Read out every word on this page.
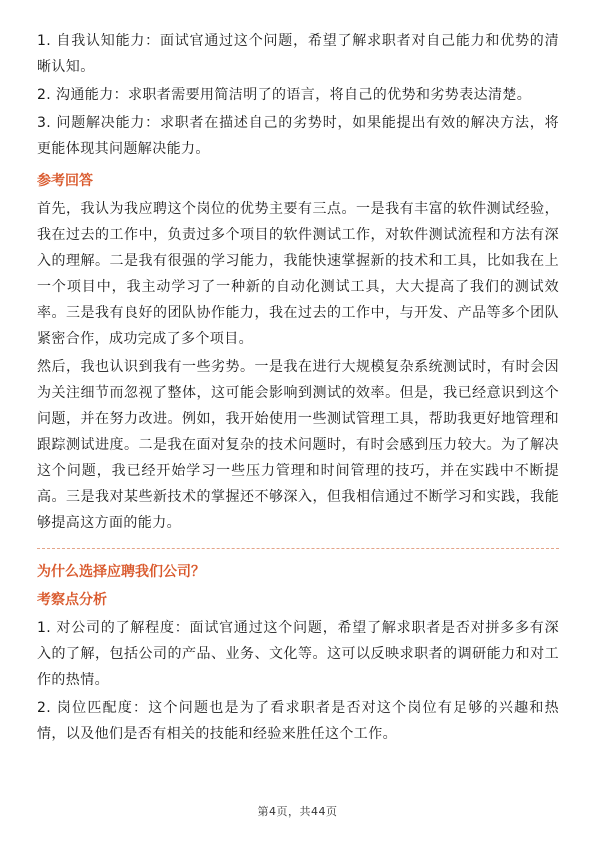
1. 自我认知能力：面试官通过这个问题，希望了解求职者对自己能力和优势的清晰认知。

2. 沟通能力：求职者需要用简洁明了的语言，将自己的优势和劣势表达清楚。

3. 问题解决能力：求职者在描述自己的劣势时，如果能提出有效的解决方法，将更能体现其问题解决能力。

参考回答

首先，我认为我应聘这个岗位的优势主要有三点。一是我有丰富的软件测试经验，我在过去的工作中，负责过多个项目的软件测试工作，对软件测试流程和方法有深入的理解。二是我有很强的学习能力，我能快速掌握新的技术和工具，比如我在上一个项目中，我主动学习了一种新的自动化测试工具，大大提高了我们的测试效率。三是我有良好的团队协作能力，我在过去的工作中，与开发、产品等多个团队紧密合作，成功完成了多个项目。

然后，我也认识到我有一些劣势。一是我在进行大规模复杂系统测试时，有时会因为关注细节而忽视了整体，这可能会影响到测试的效率。但是，我已经意识到这个问题，并在努力改进。例如，我开始使用一些测试管理工具，帮助我更好地管理和跟踪测试进度。二是我在面对复杂的技术问题时，有时会感到压力较大。为了解决这个问题，我已经开始学习一些压力管理和时间管理的技巧，并在实践中不断提高。三是我对某些新技术的掌握还不够深入，但我相信通过不断学习和实践，我能够提高这方面的能力。

为什么选择应聘我们公司？
考察点分析

1. 对公司的了解程度：面试官通过这个问题，希望了解求职者是否对拼多多有深入的了解，包括公司的产品、业务、文化等。这可以反映求职者的调研能力和对工作的热情。

2. 岗位匹配度：这个问题也是为了看求职者是否对这个岗位有足够的兴趣和热情，以及他们是否有相关的技能和经验来胜任这个工作。

第4页，共44页
